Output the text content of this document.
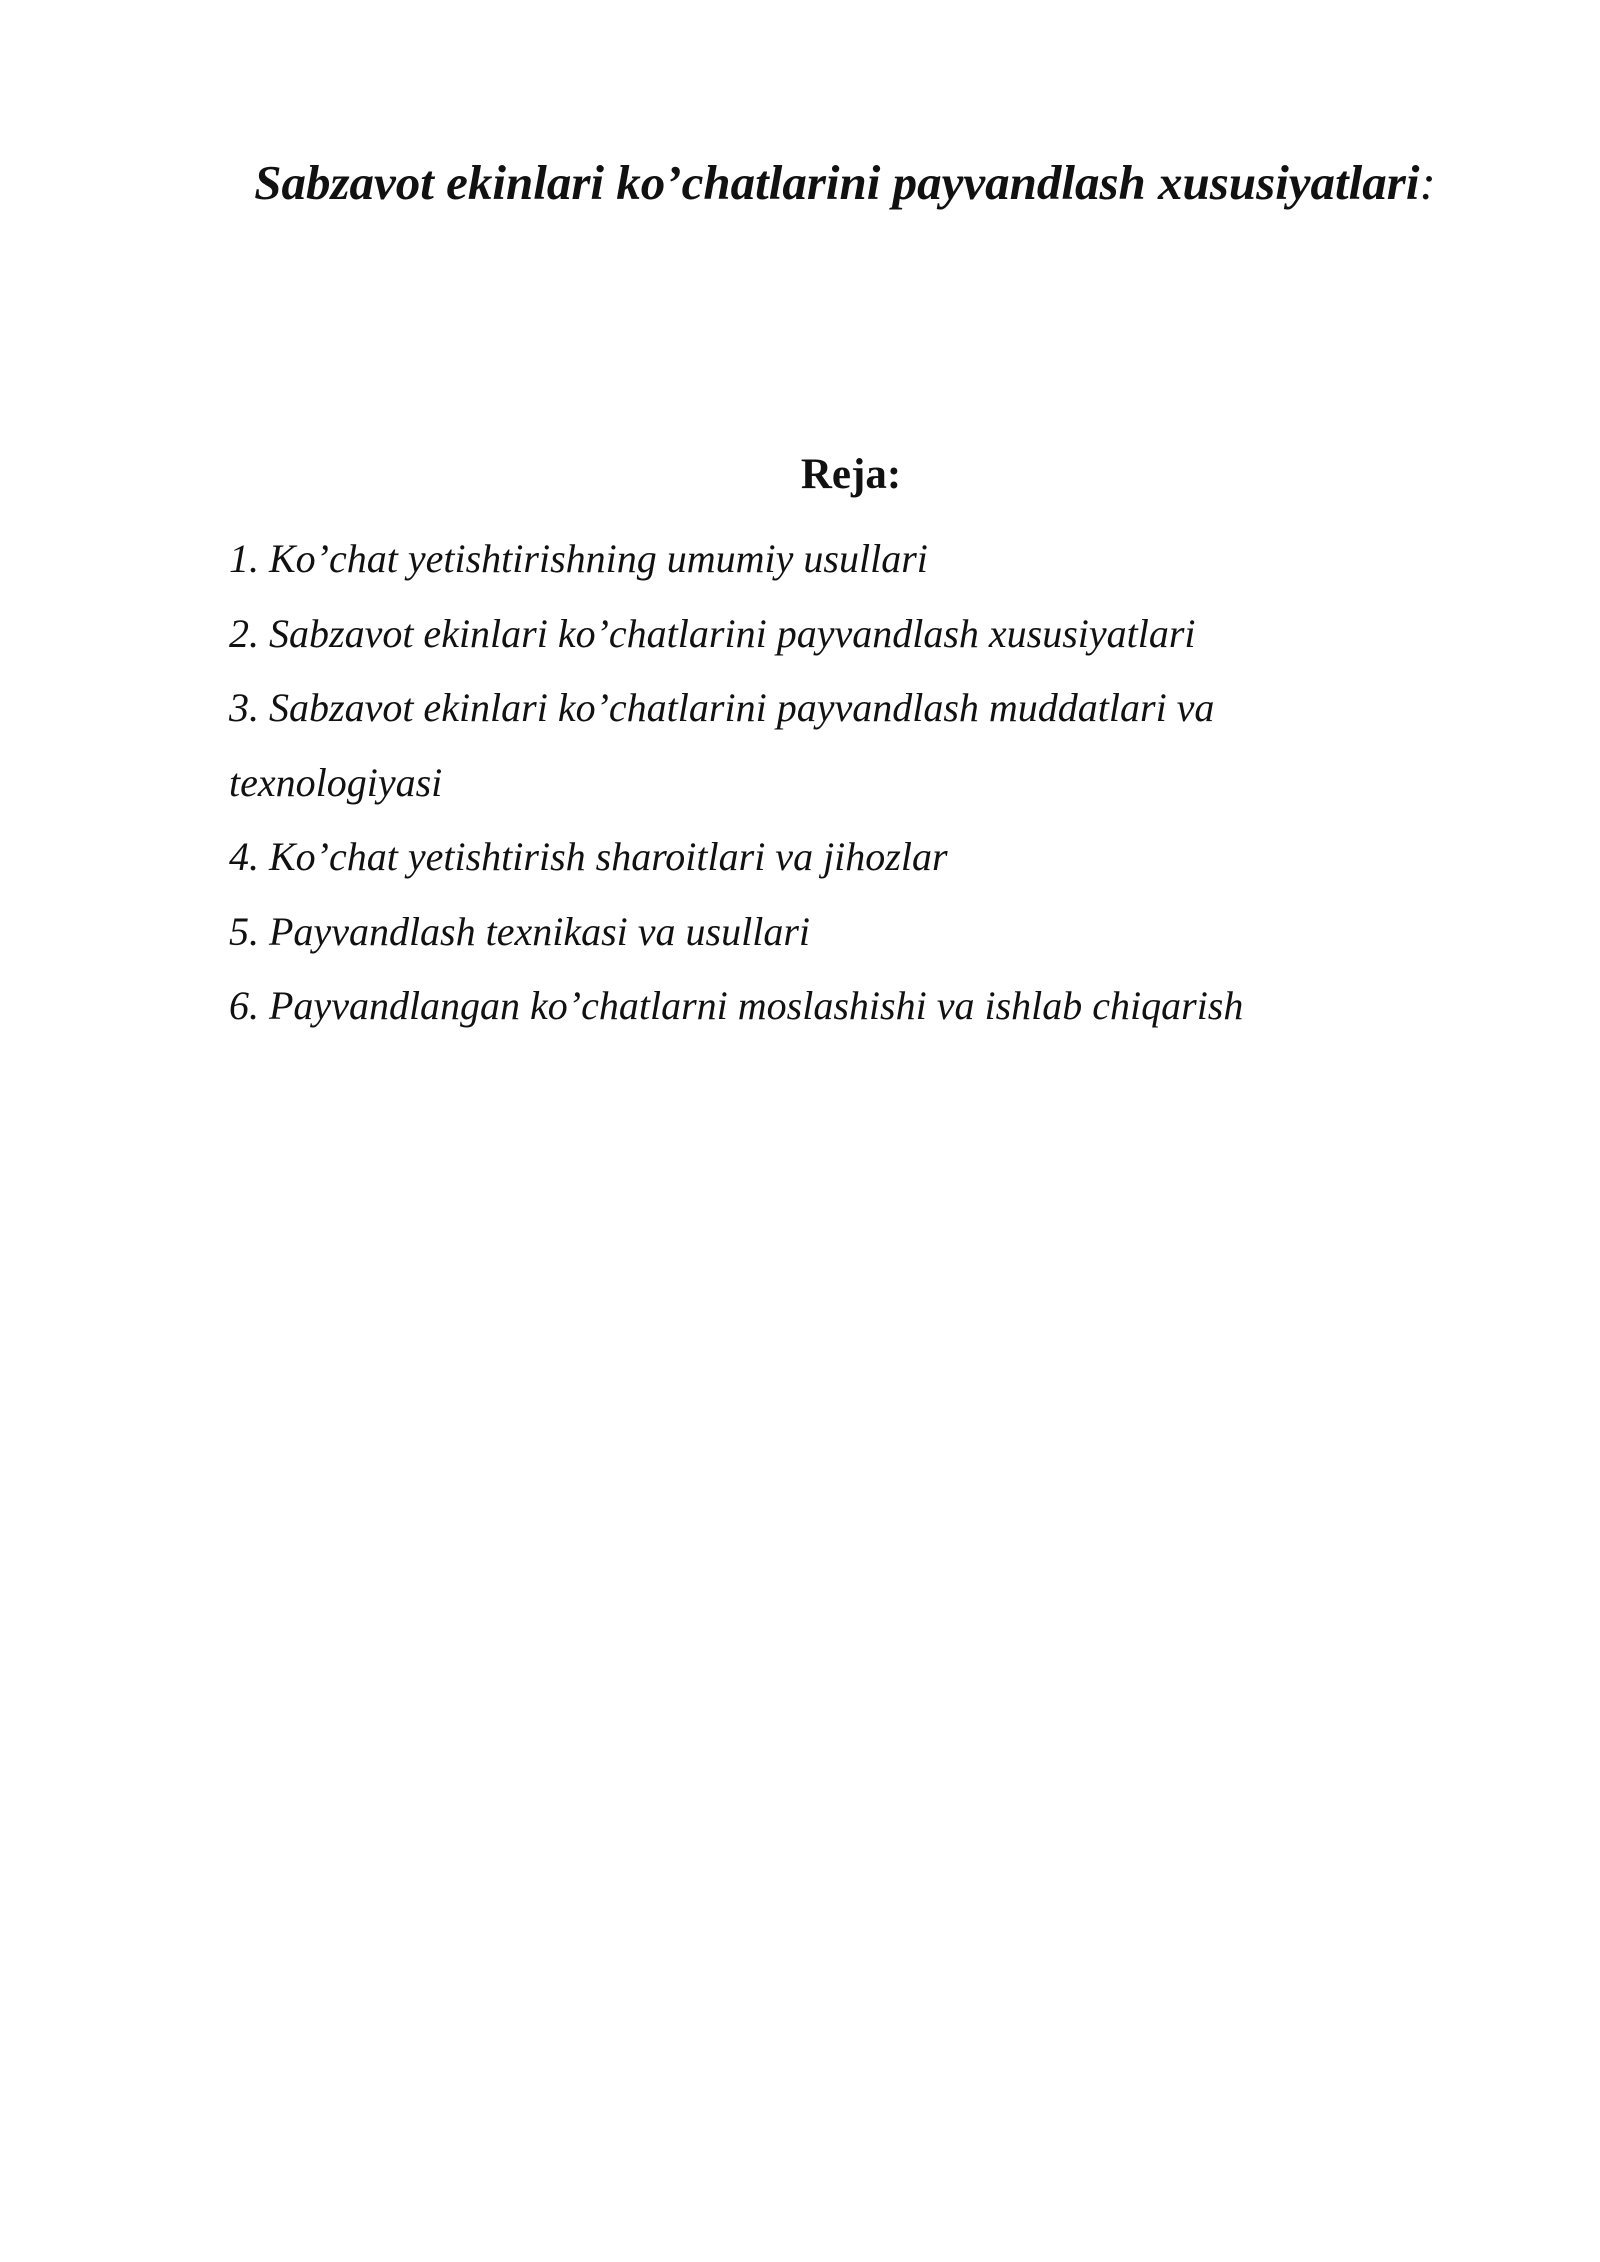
Sabzavot ekinlari ko’chatlarini payvandlash xususiyatlari:
Reja:
1. Ko’chat yetishtirishning umumiy usullari
2. Sabzavot ekinlari ko’chatlarini payvandlash xususiyatlari
3. Sabzavot ekinlari ko’chatlarini payvandlash muddatlari va texnologiyasi
4. Ko’chat yetishtirish sharoitlari va jihozlar
5. Payvandlash texnikasi va usullari
6. Payvandlangan ko’chatlarni moslashishi va ishlab chiqarish
